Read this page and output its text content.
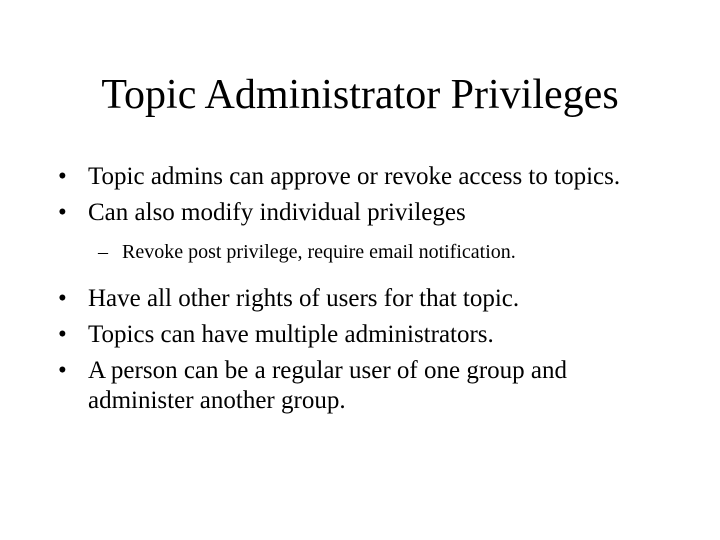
Topic Administrator Privileges
• Topic admins can approve or revoke access to topics.
• Can also modify individual privileges
– Revoke post privilege, require email notification.
• Have all other rights of users for that topic.
• Topics can have multiple administrators.
• A person can be a regular user of one group and administer another group.
